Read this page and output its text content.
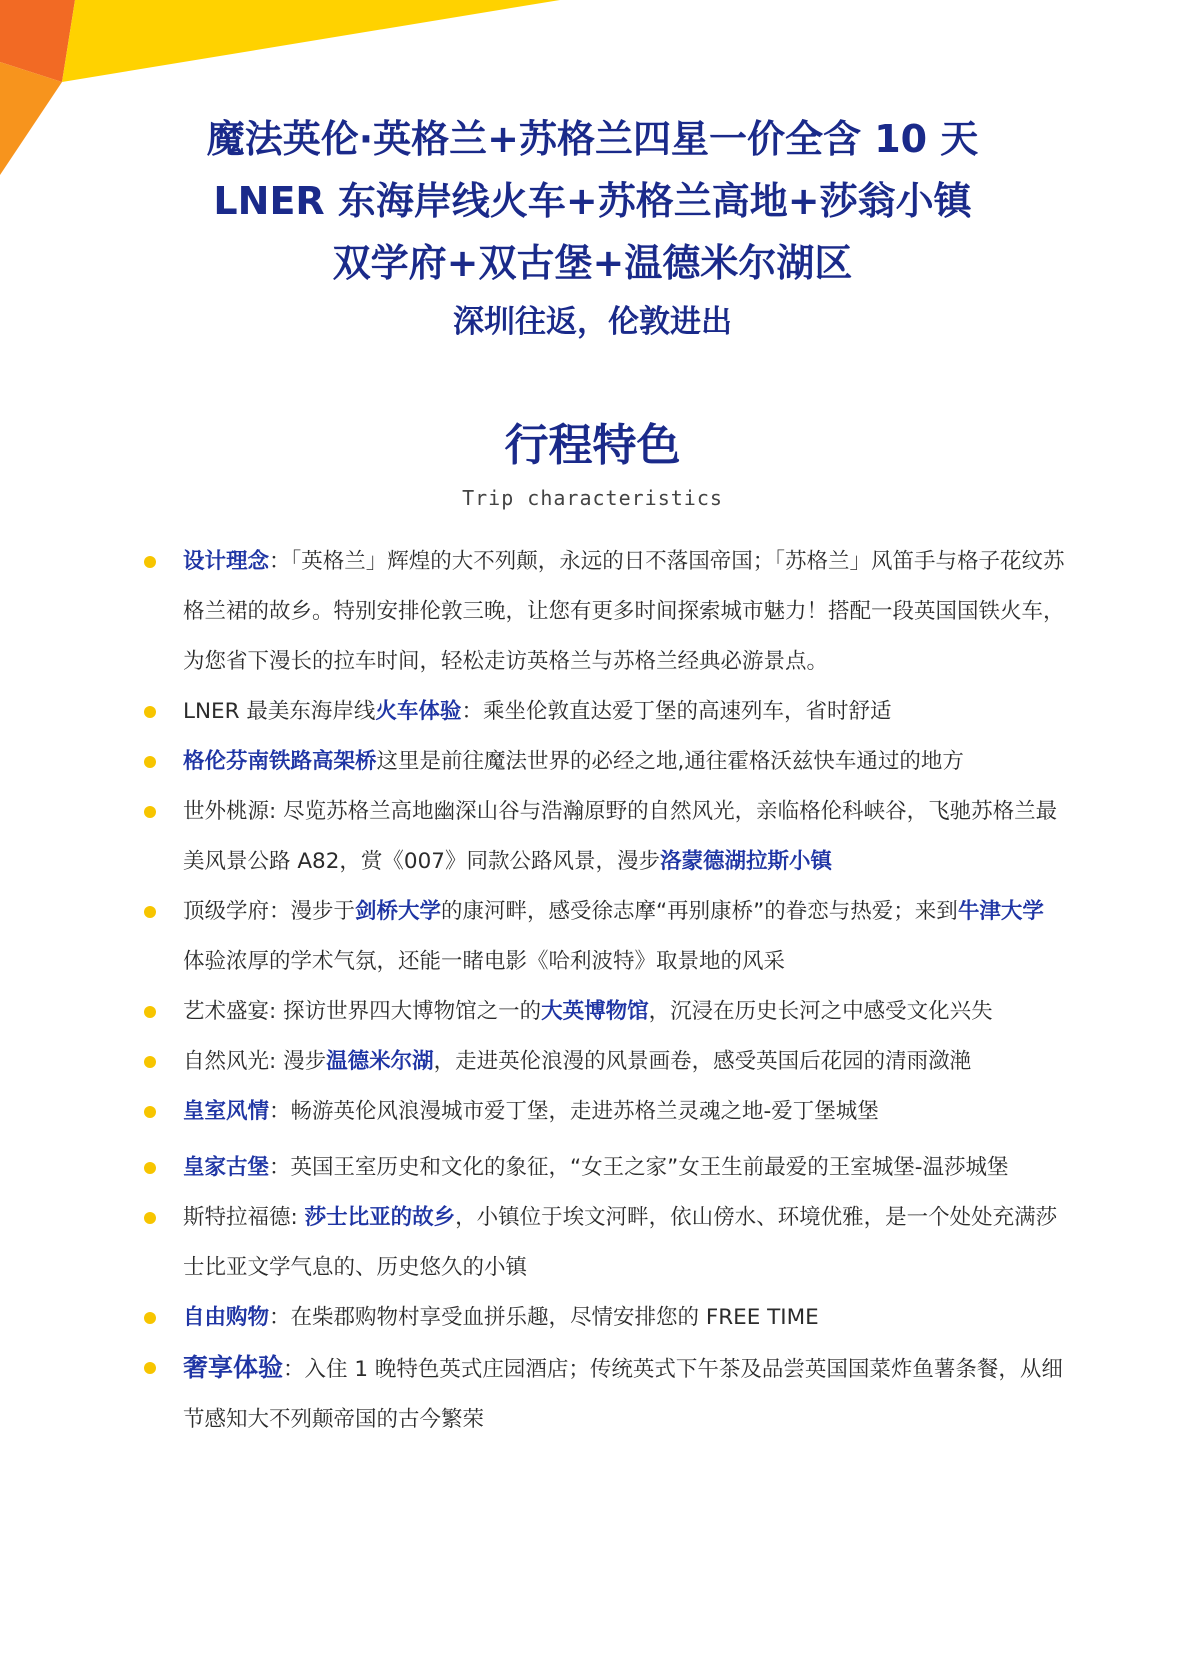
魔法英伦·英格兰+苏格兰四星一价全含 10 天
LNER 东海岸线火车+苏格兰高地+莎翁小镇
双学府+双古堡+温德米尔湖区
深圳往返，伦敦进出
行程特色
Trip characteristics
设计理念：「英格兰」辉煌的大不列颠，永远的日不落国帝国；「苏格兰」风笛手与格子花纹苏格兰裙的故乡。特别安排伦敦三晚，让您有更多时间探索城市魅力！搭配一段英国国铁火车，为您省下漫长的拉车时间，轻松走访英格兰与苏格兰经典必游景点。
LNER 最美东海岸线火车体验：乘坐伦敦直达爱丁堡的高速列车，省时舒适
格伦芬南铁路高架桥这里是前往魔法世界的必经之地,通往霍格沃兹快车通过的地方
世外桃源: 尽览苏格兰高地幽深山谷与浩瀚原野的自然风光，亲临格伦科峡谷，飞驰苏格兰最美风景公路 A82，赏《007》同款公路风景，漫步洛蒙德湖拉斯小镇
顶级学府：漫步于剑桥大学的康河畔，感受徐志摩“再别康桥”的眷恋与热爱；来到牛津大学体验浓厚的学术气氛，还能一睹电影《哈利波特》取景地的风采
艺术盛宴: 探访世界四大博物馆之一的大英博物馆，沉浸在历史长河之中感受文化兴失
自然风光: 漫步温德米尔湖，走进英伦浪漫的风景画卷，感受英国后花园的清雨潋滟
皇室风情：畅游英伦风浪漫城市爱丁堡，走进苏格兰灵魂之地-爱丁堡城堡
皇家古堡：英国王室历史和文化的象征，“女王之家”女王生前最爱的王室城堡-温莎城堡
斯特拉福德: 莎士比亚的故乡，小镇位于埃文河畔，依山傍水、环境优雅，是一个处处充满莎士比亚文学气息的、历史悠久的小镇
自由购物：在柴郡购物村享受血拼乐趣，尽情安排您的 FREE TIME
奢享体验：入住 1 晚特色英式庄园酒店；传统英式下午茶及品尝英国国菜炸鱼薯条餐，从细节感知大不列颠帝国的古今繁荣
